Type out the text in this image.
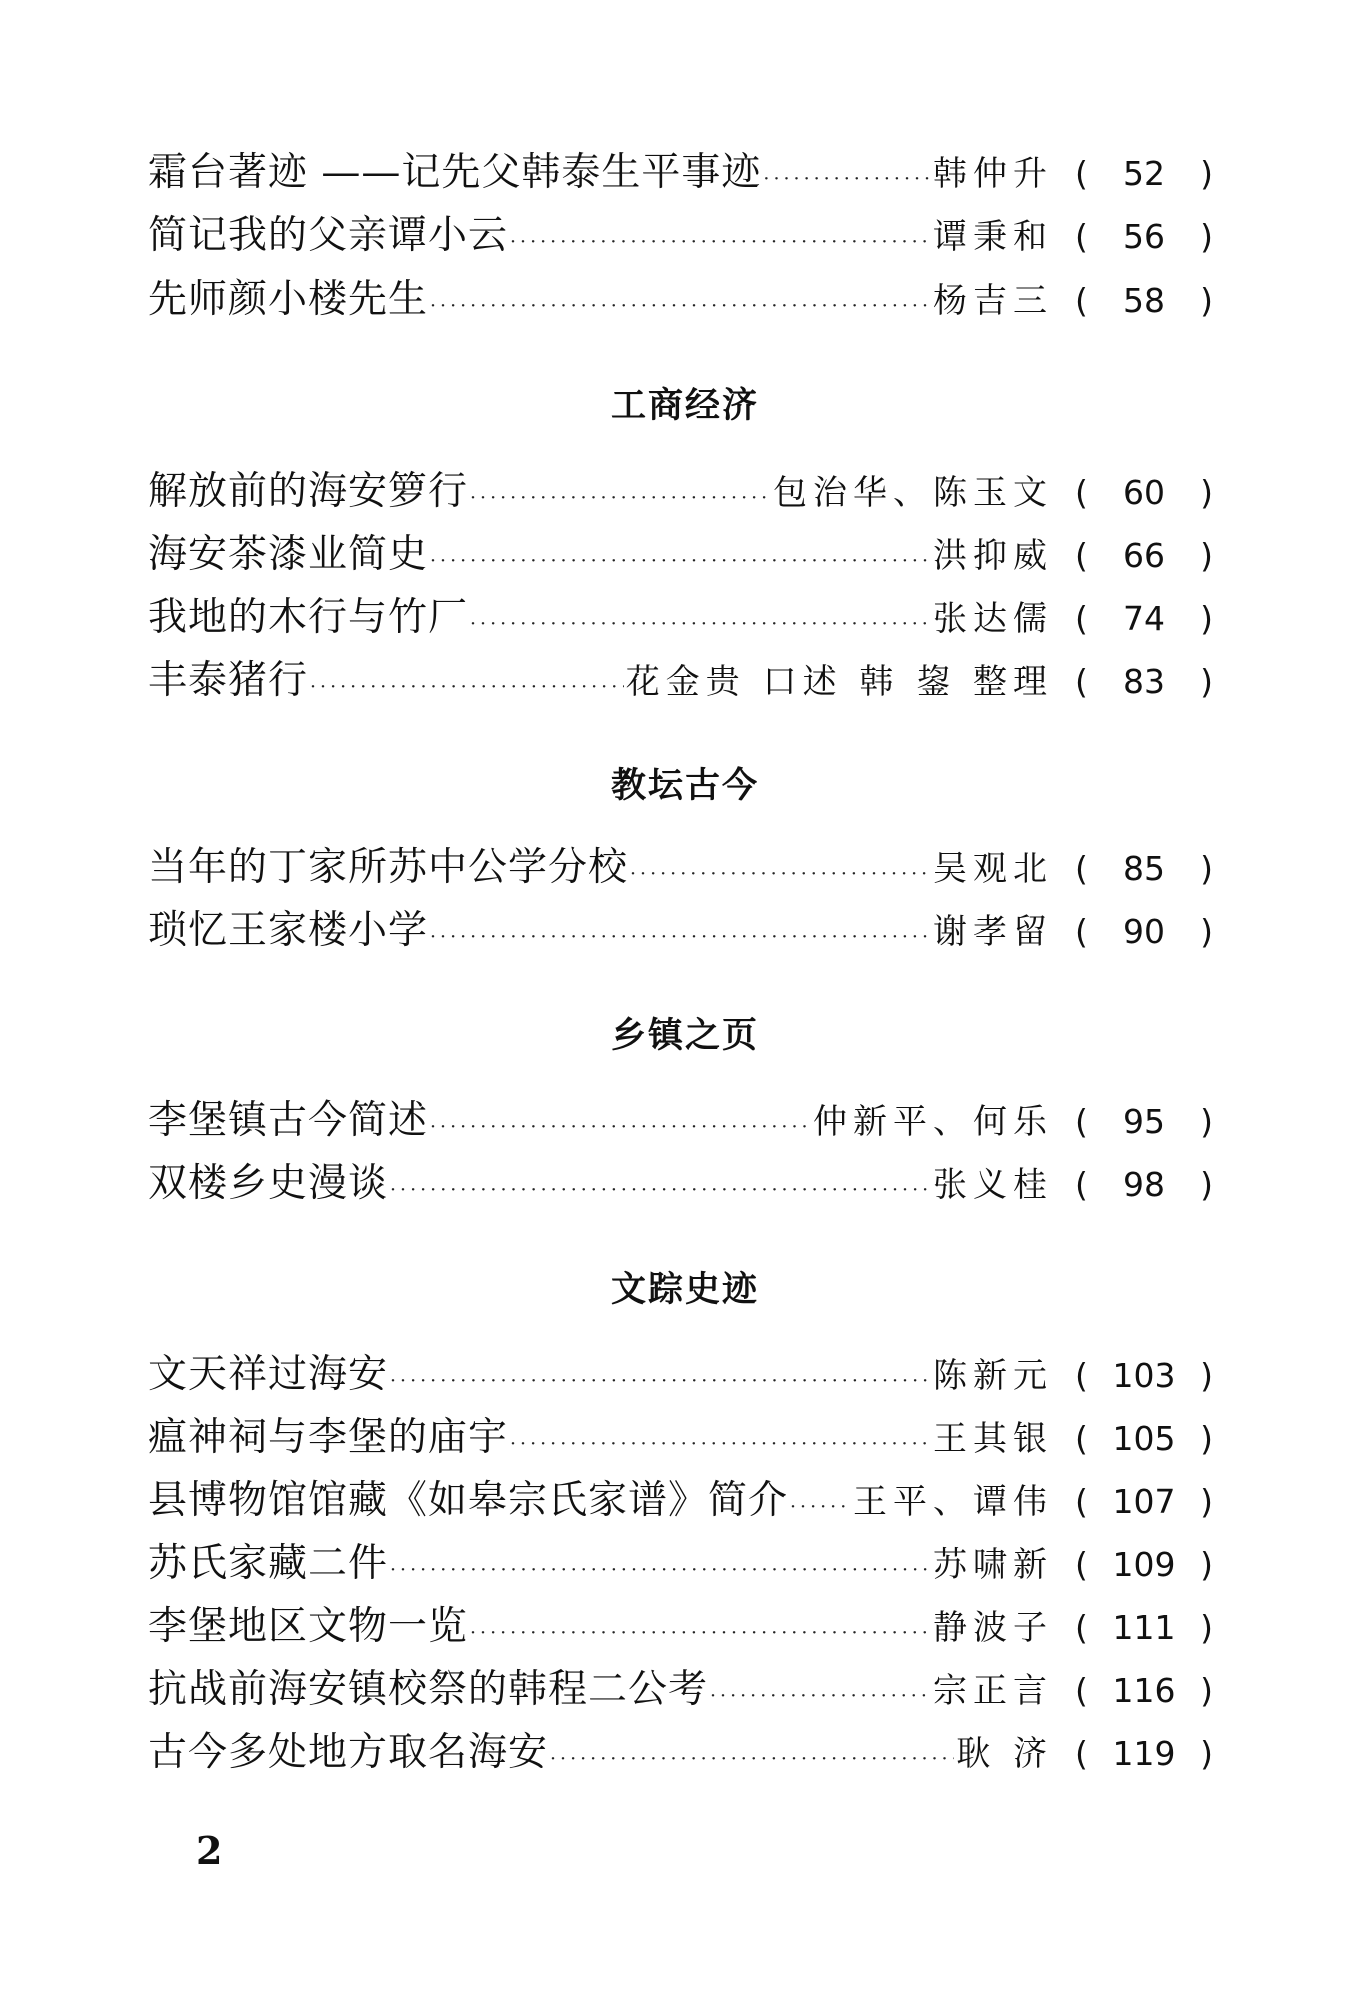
霜台著迹 ——记先父韩泰生平事迹 ·····	韩仲升 (	52	)
简记我的父亲谭小云 ·····	谭秉和 (	56	)
先师颜小楼先生 ·····	杨吉三 (	58	)
工商经济
解放前的海安箩行 ·····	包治华、陈玉文 (	60	)
海安茶漆业简史 ·····	洪抑威 (	66	)
我地的木行与竹厂 ·····	张达儒 (	74	)
丰泰猪行 ·····	花金贵 口述 韩 鋆 整理 (	83	)
教坛古今
当年的丁家所苏中公学分校 ·····	吴观北 (	85	)
琐忆王家楼小学 ·····	谢孝留 (	90	)
乡镇之页
李堡镇古今简述 ·····	仲新平、何乐 (	95	)
双楼乡史漫谈 ·····	张义桂 (	98	)
文踪史迹
文天祥过海安 ·····	陈新元 ( 103 )
瘟神祠与李堡的庙宇 ·····	王其银 ( 105 )
县博物馆馆藏《如皋宗氏家谱》简介 ····· 王平、谭伟 ( 107 )
苏氏家藏二件 ·····	苏啸新 ( 109 )
李堡地区文物一览 ·····	静波子 ( 111 )
抗战前海安镇校祭的韩程二公考 ·····	宗正言 ( 116 )
古今多处地方取名海安 ·····	耿 济 ( 119 )
2
